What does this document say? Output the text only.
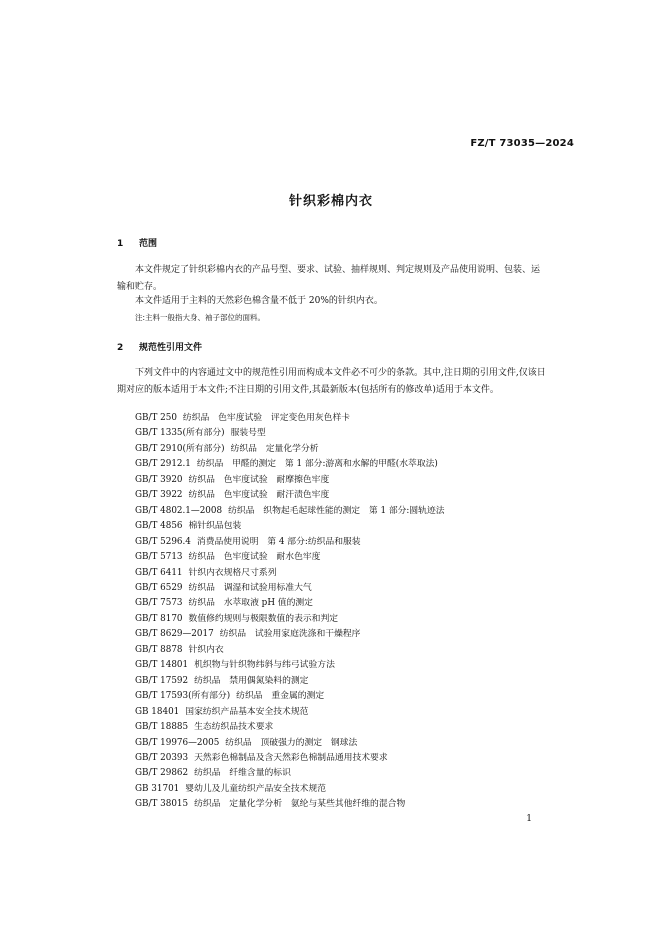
FZ/T 73035—2024
针织彩棉内衣
1 范围
本文件规定了针织彩棉内衣的产品号型、要求、试验、抽样规则、判定规则及产品使用说明、包装、运输和贮存。
本文件适用于主料的天然彩色棉含量不低于 20%的针织内衣。
注:主料一般指大身、袖子部位的面料。
2 规范性引用文件
下列文件中的内容通过文中的规范性引用而构成本文件必不可少的条款。其中,注日期的引用文件,仅该日期对应的版本适用于本文件;不注日期的引用文件,其最新版本(包括所有的修改单)适用于本文件。
GB/T 250 纺织品　色牢度试验　评定变色用灰色样卡
GB/T 1335(所有部分) 服装号型
GB/T 2910(所有部分) 纺织品　定量化学分析
GB/T 2912.1 纺织品　甲醛的测定　第 1 部分:游离和水解的甲醛(水萃取法)
GB/T 3920 纺织品　色牢度试验　耐摩擦色牢度
GB/T 3922 纺织品　色牢度试验　耐汗渍色牢度
GB/T 4802.1—2008 纺织品　织物起毛起球性能的测定　第 1 部分:圆轨迹法
GB/T 4856 棉针织品包装
GB/T 5296.4 消费品使用说明　第 4 部分:纺织品和服装
GB/T 5713 纺织品　色牢度试验　耐水色牢度
GB/T 6411 针织内衣规格尺寸系列
GB/T 6529 纺织品　调湿和试验用标准大气
GB/T 7573 纺织品　水萃取液 pH 值的测定
GB/T 8170 数值修约规则与极限数值的表示和判定
GB/T 8629—2017 纺织品　试验用家庭洗涤和干燥程序
GB/T 8878 针织内衣
GB/T 14801 机织物与针织物纬斜与纬弓试验方法
GB/T 17592 纺织品　禁用偶氮染料的测定
GB/T 17593(所有部分) 纺织品　重金属的测定
GB 18401 国家纺织产品基本安全技术规范
GB/T 18885 生态纺织品技术要求
GB/T 19976—2005 纺织品　顶破强力的测定　钢球法
GB/T 20393 天然彩色棉制品及含天然彩色棉制品通用技术要求
GB/T 29862 纺织品　纤维含量的标识
GB 31701 婴幼儿及儿童纺织产品安全技术规范
GB/T 38015 纺织品　定量化学分析　氨纶与某些其他纤维的混合物
1
